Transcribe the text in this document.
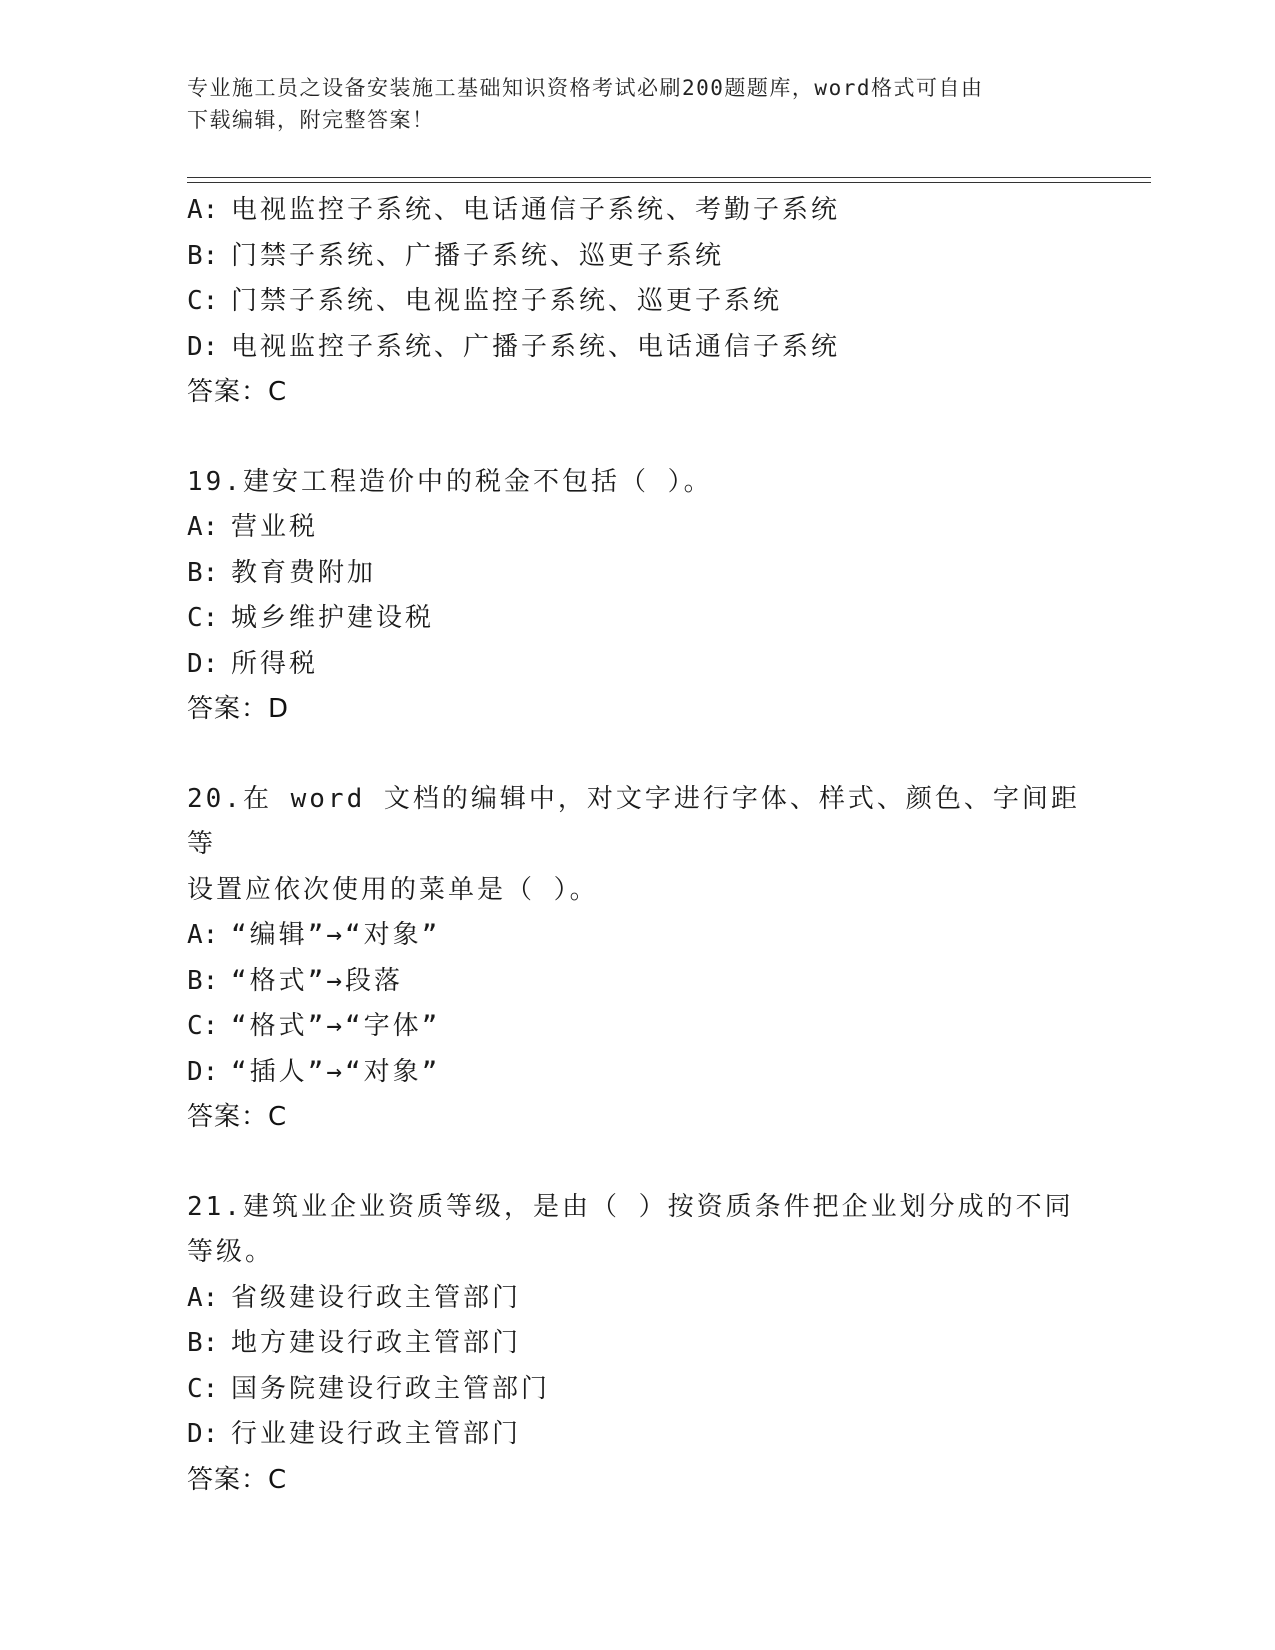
专业施工员之设备安装施工基础知识资格考试必刷200题题库，word格式可自由
下载编辑，附完整答案！
A: 电视监控子系统、电话通信子系统、考勤子系统
B: 门禁子系统、广播子系统、巡更子系统
C: 门禁子系统、电视监控子系统、巡更子系统
D: 电视监控子系统、广播子系统、电话通信子系统
答案：C
19.建安工程造价中的税金不包括（ ）。
A: 营业税
B: 教育费附加
C: 城乡维护建设税
D: 所得税
答案：D
20.在 word 文档的编辑中，对文字进行字体、样式、颜色、字间距等
设置应依次使用的菜单是（ ）。
A: “编辑”→“对象”
B: “格式”→段落
C: “格式”→“字体”
D: “插人”→“对象”
答案：C
21.建筑业企业资质等级，是由（ ）按资质条件把企业划分成的不同
等级。
A: 省级建设行政主管部门
B: 地方建设行政主管部门
C: 国务院建设行政主管部门
D: 行业建设行政主管部门
答案：C
